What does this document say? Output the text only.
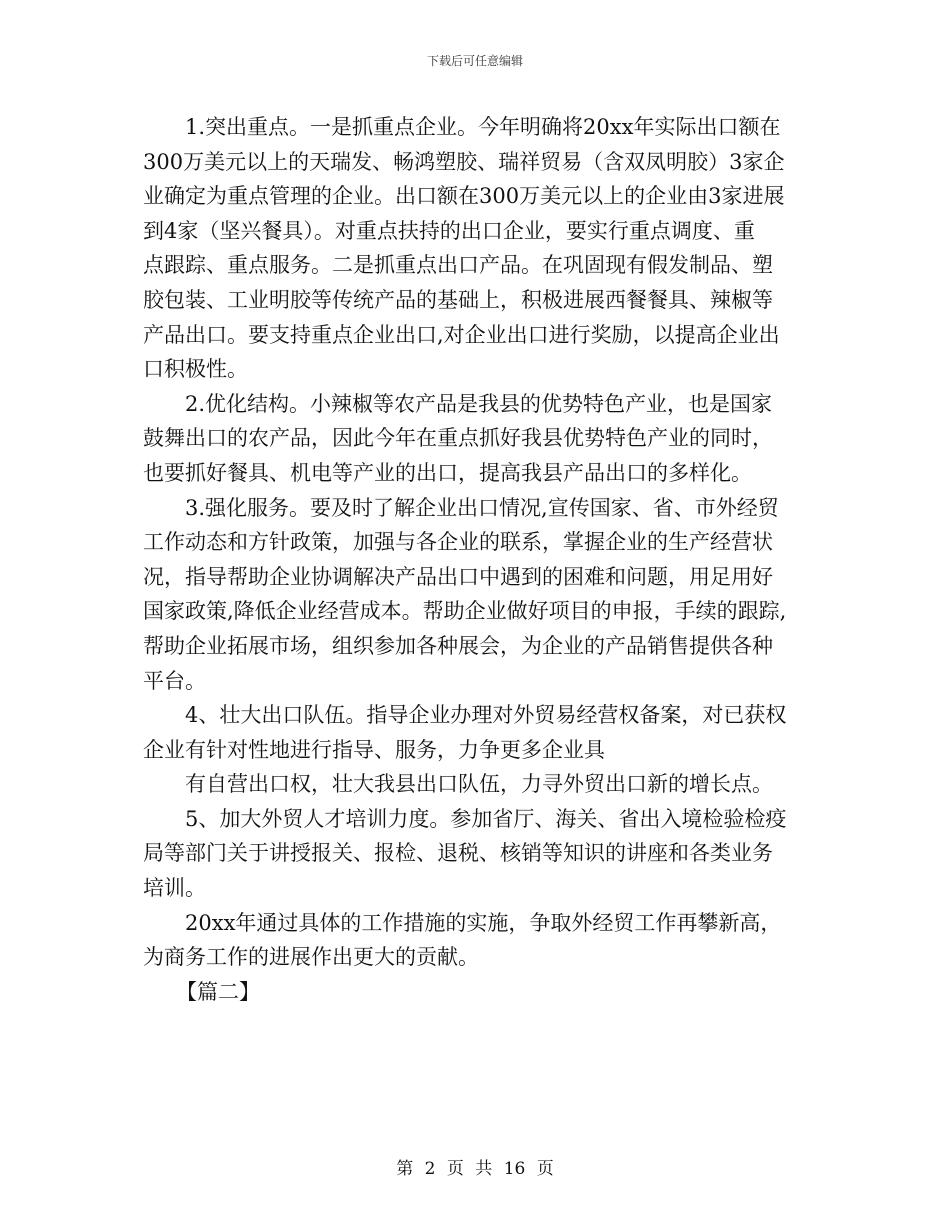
下载后可任意编辑
1.突出重点。一是抓重点企业。今年明确将20xx年实际出口额在
300万美元以上的天瑞发、畅鸿塑胶、瑞祥贸易（含双凤明胶）3家企
业确定为重点管理的企业。出口额在300万美元以上的企业由3家进展
到4家（坚兴餐具）。对重点扶持的出口企业，要实行重点调度、重
点跟踪、重点服务。二是抓重点出口产品。在巩固现有假发制品、塑
胶包装、工业明胶等传统产品的基础上，积极进展西餐餐具、辣椒等
产品出口。要支持重点企业出口,对企业出口进行奖励，以提高企业出
口积极性。
2.优化结构。小辣椒等农产品是我县的优势特色产业，也是国家
鼓舞出口的农产品，因此今年在重点抓好我县优势特色产业的同时，
也要抓好餐具、机电等产业的出口，提高我县产品出口的多样化。
3.强化服务。要及时了解企业出口情况,宣传国家、省、市外经贸
工作动态和方针政策，加强与各企业的联系，掌握企业的生产经营状
况，指导帮助企业协调解决产品出口中遇到的困难和问题，用足用好
国家政策,降低企业经营成本。帮助企业做好项目的申报，手续的跟踪,
帮助企业拓展市场，组织参加各种展会，为企业的产品销售提供各种
平台。
4、壮大出口队伍。指导企业办理对外贸易经营权备案，对已获权
企业有针对性地进行指导、服务，力争更多企业具
有自营出口权，壮大我县出口队伍，力寻外贸出口新的增长点。
5、加大外贸人才培训力度。参加省厅、海关、省出入境检验检疫
局等部门关于讲授报关、报检、退税、核销等知识的讲座和各类业务
培训。
20xx年通过具体的工作措施的实施，争取外经贸工作再攀新高，
为商务工作的进展作出更大的贡献。
【篇二】
第 2 页 共 16 页
